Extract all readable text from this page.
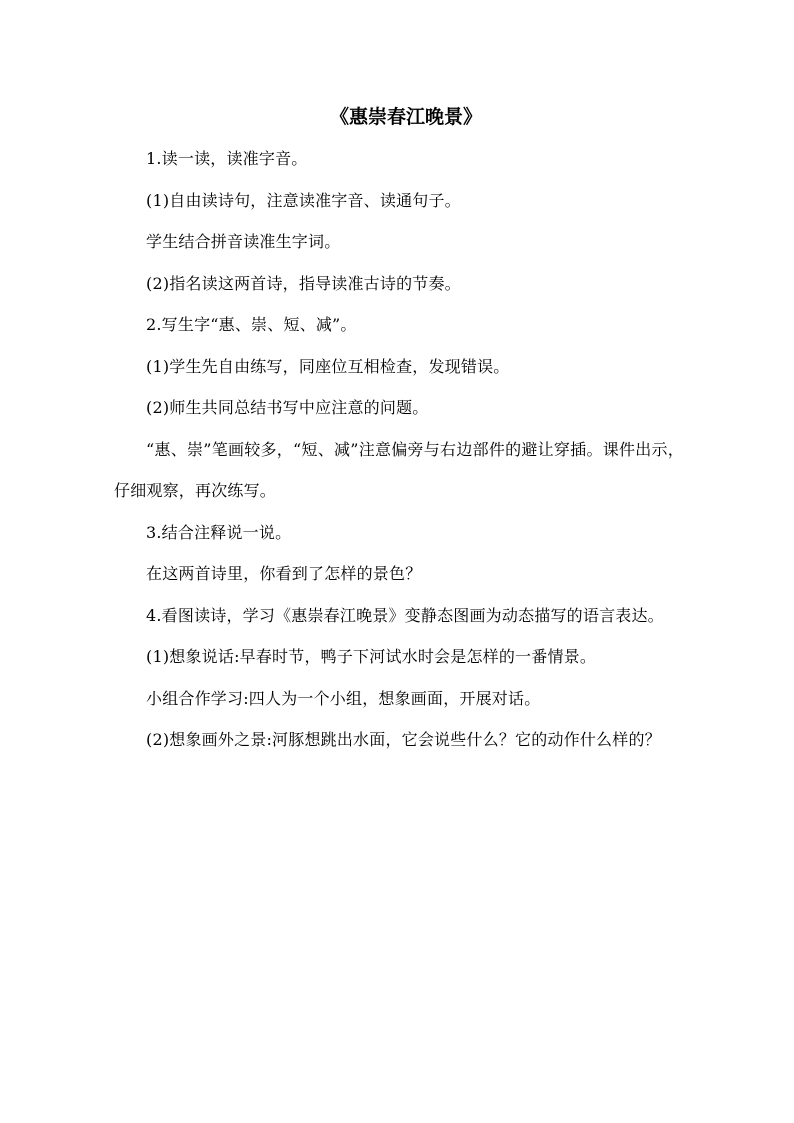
《惠崇春江晚景》

1.读一读，读准字音。

(1)自由读诗句，注意读准字音、读通句子。

学生结合拼音读准生字词。

(2)指名读这两首诗，指导读准古诗的节奏。

2.写生字“惠、崇、短、减”。

(1)学生先自由练写，同座位互相检查，发现错误。

(2)师生共同总结书写中应注意的问题。

“惠、崇”笔画较多，“短、减”注意偏旁与右边部件的避让穿插。课件出示，仔细观察，再次练写。

3.结合注释说一说。

在这两首诗里，你看到了怎样的景色？

4.看图读诗，学习《惠崇春江晚景》变静态图画为动态描写的语言表达。

(1)想象说话:早春时节，鸭子下河试水时会是怎样的一番情景。

小组合作学习:四人为一个小组，想象画面，开展对话。

(2)想象画外之景:河豚想跳出水面，它会说些什么？它的动作什么样的？
